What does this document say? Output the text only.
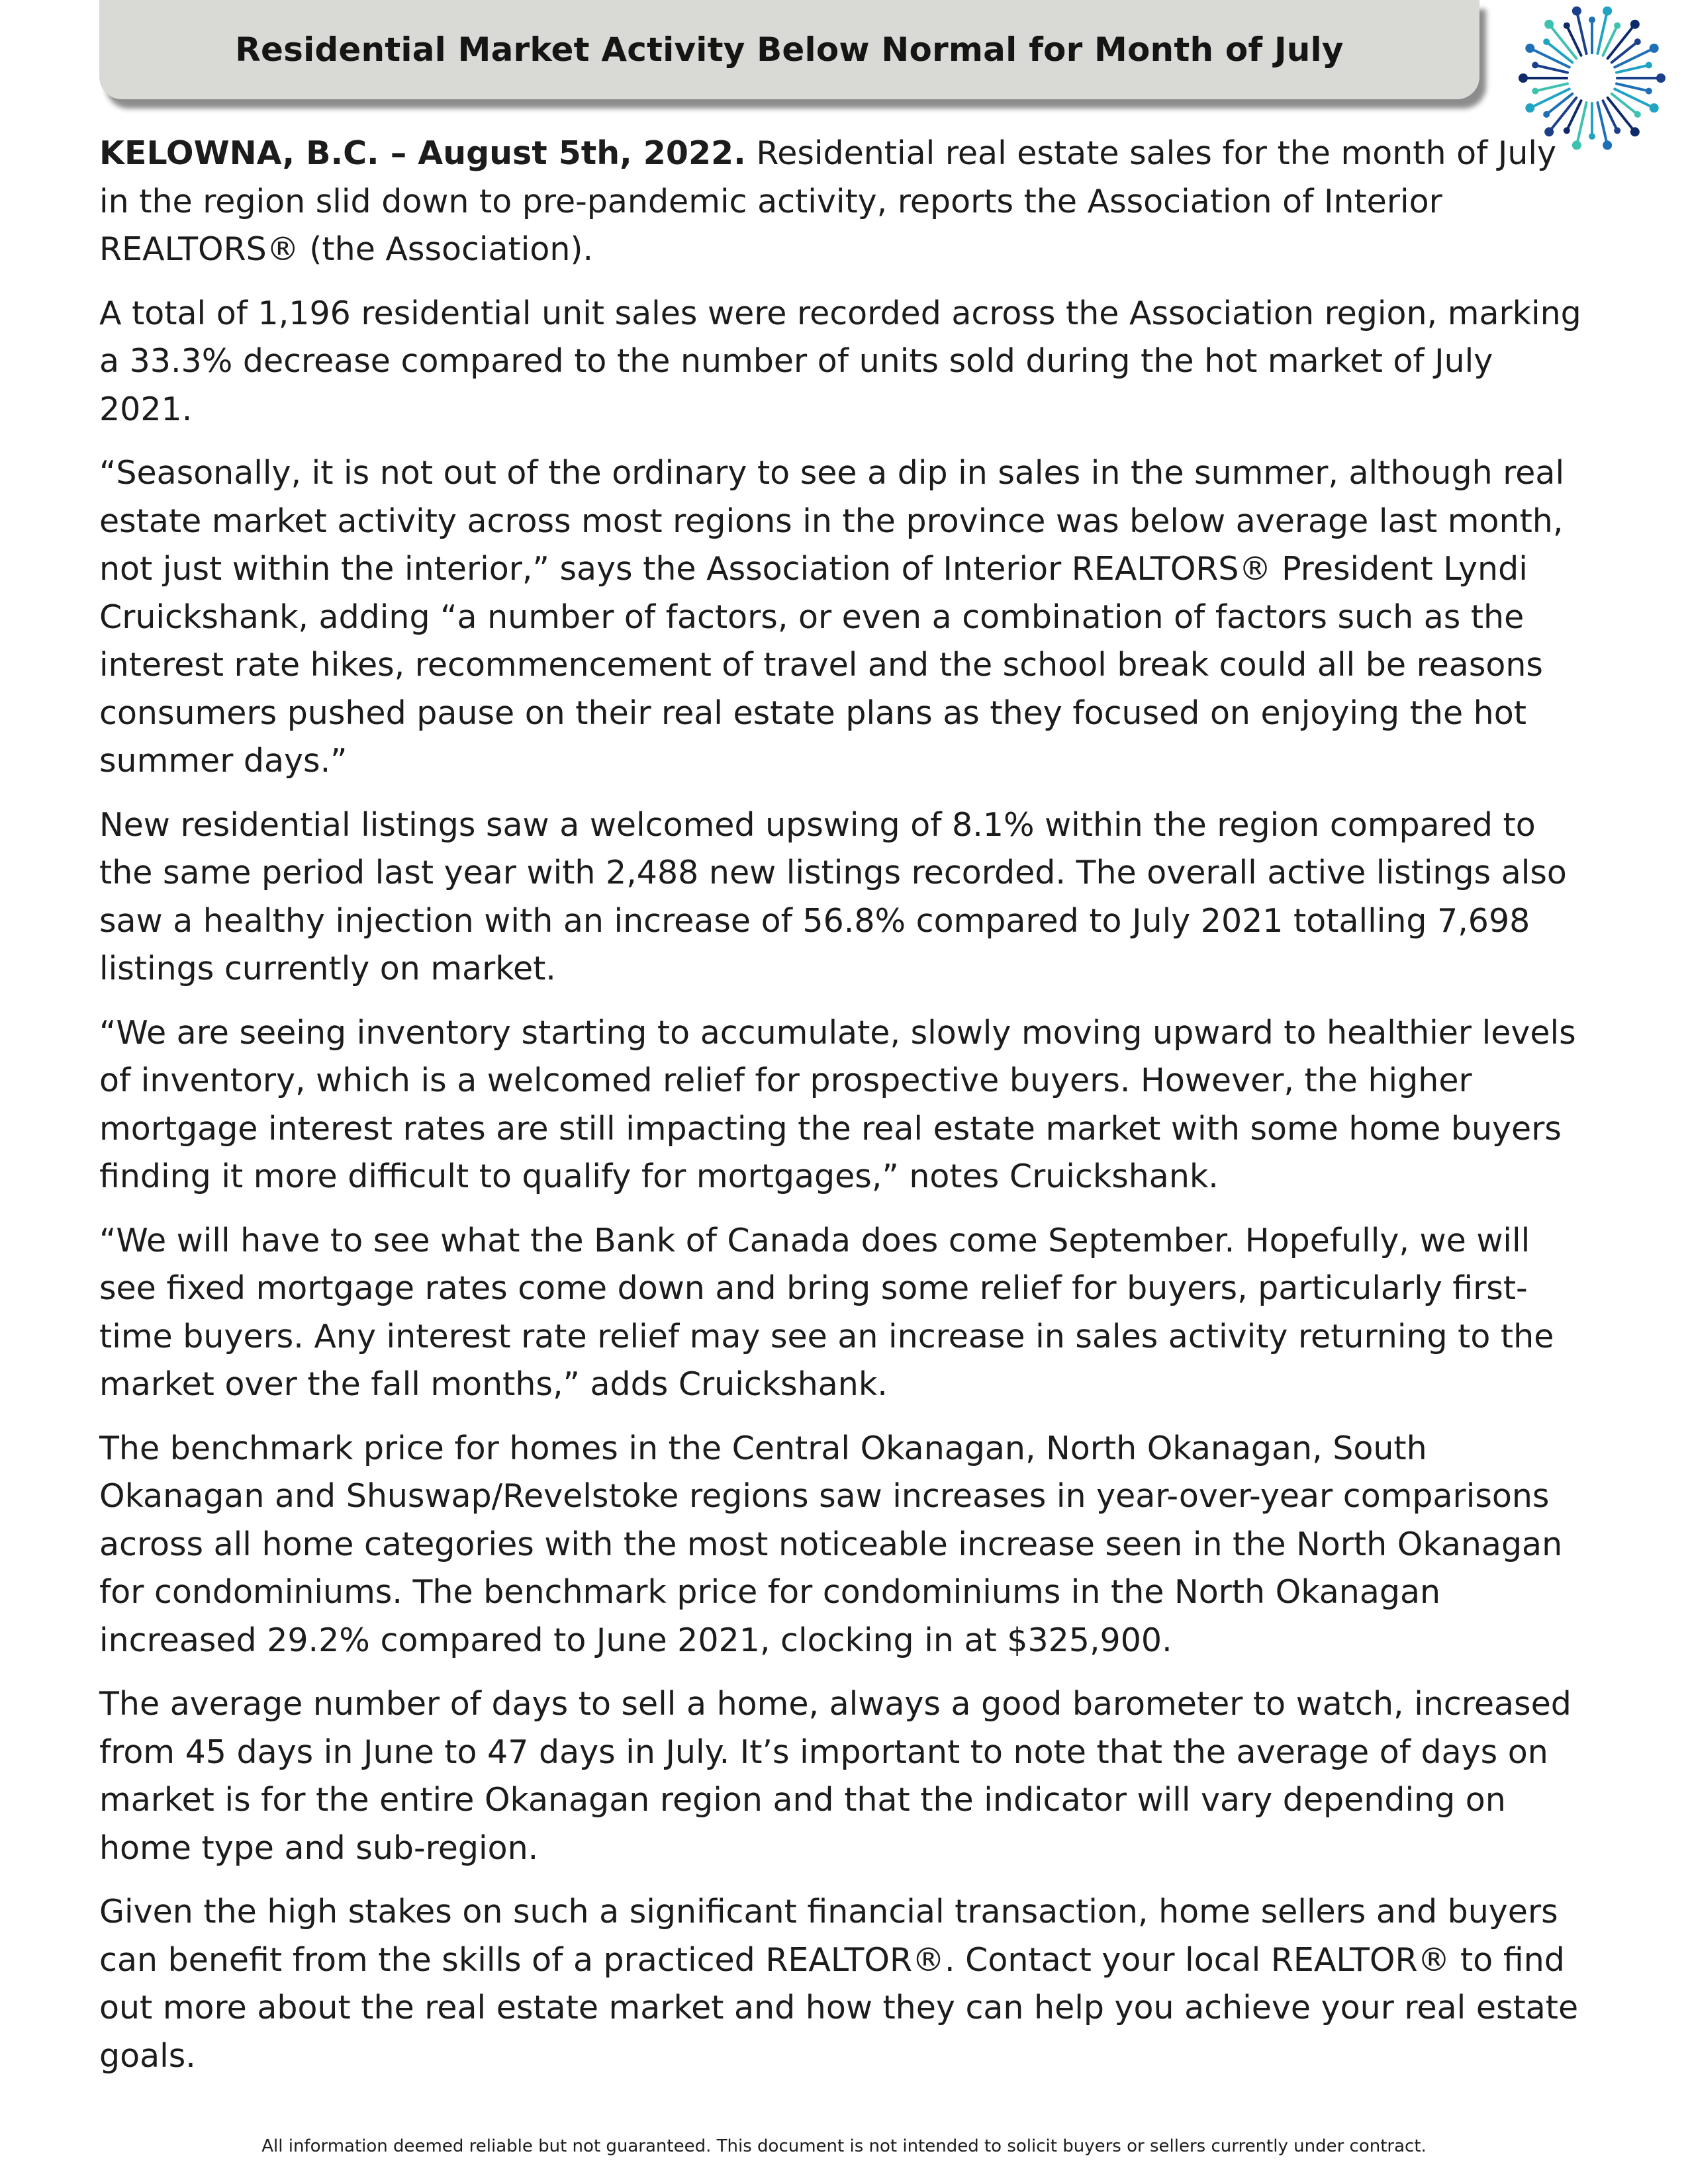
Residential Market Activity Below Normal for Month of July

KELOWNA, B.C. – August 5th, 2022. Residential real estate sales for the month of July in the region slid down to pre-pandemic activity, reports the Association of Interior REALTORS® (the Association).

A total of 1,196 residential unit sales were recorded across the Association region, marking a 33.3% decrease compared to the number of units sold during the hot market of July 2021.

“Seasonally, it is not out of the ordinary to see a dip in sales in the summer, although real estate market activity across most regions in the province was below average last month, not just within the interior,” says the Association of Interior REALTORS® President Lyndi Cruickshank, adding “a number of factors, or even a combination of factors such as the interest rate hikes, recommencement of travel and the school break could all be reasons consumers pushed pause on their real estate plans as they focused on enjoying the hot summer days.”

New residential listings saw a welcomed upswing of 8.1% within the region compared to the same period last year with 2,488 new listings recorded. The overall active listings also saw a healthy injection with an increase of 56.8% compared to July 2021 totalling 7,698 listings currently on market.

“We are seeing inventory starting to accumulate, slowly moving upward to healthier levels of inventory, which is a welcomed relief for prospective buyers. However, the higher mortgage interest rates are still impacting the real estate market with some home buyers finding it more difficult to qualify for mortgages,” notes Cruickshank.

“We will have to see what the Bank of Canada does come September. Hopefully, we will see fixed mortgage rates come down and bring some relief for buyers, particularly first-time buyers. Any interest rate relief may see an increase in sales activity returning to the market over the fall months,” adds Cruickshank.

The benchmark price for homes in the Central Okanagan, North Okanagan, South Okanagan and Shuswap/Revelstoke regions saw increases in year-over-year comparisons across all home categories with the most noticeable increase seen in the North Okanagan for condominiums. The benchmark price for condominiums in the North Okanagan increased 29.2% compared to June 2021, clocking in at $325,900.

The average number of days to sell a home, always a good barometer to watch, increased from 45 days in June to 47 days in July. It’s important to note that the average of days on market is for the entire Okanagan region and that the indicator will vary depending on home type and sub-region.

Given the high stakes on such a significant financial transaction, home sellers and buyers can benefit from the skills of a practiced REALTOR®. Contact your local REALTOR® to find out more about the real estate market and how they can help you achieve your real estate goals.

All information deemed reliable but not guaranteed. This document is not intended to solicit buyers or sellers currently under contract.
